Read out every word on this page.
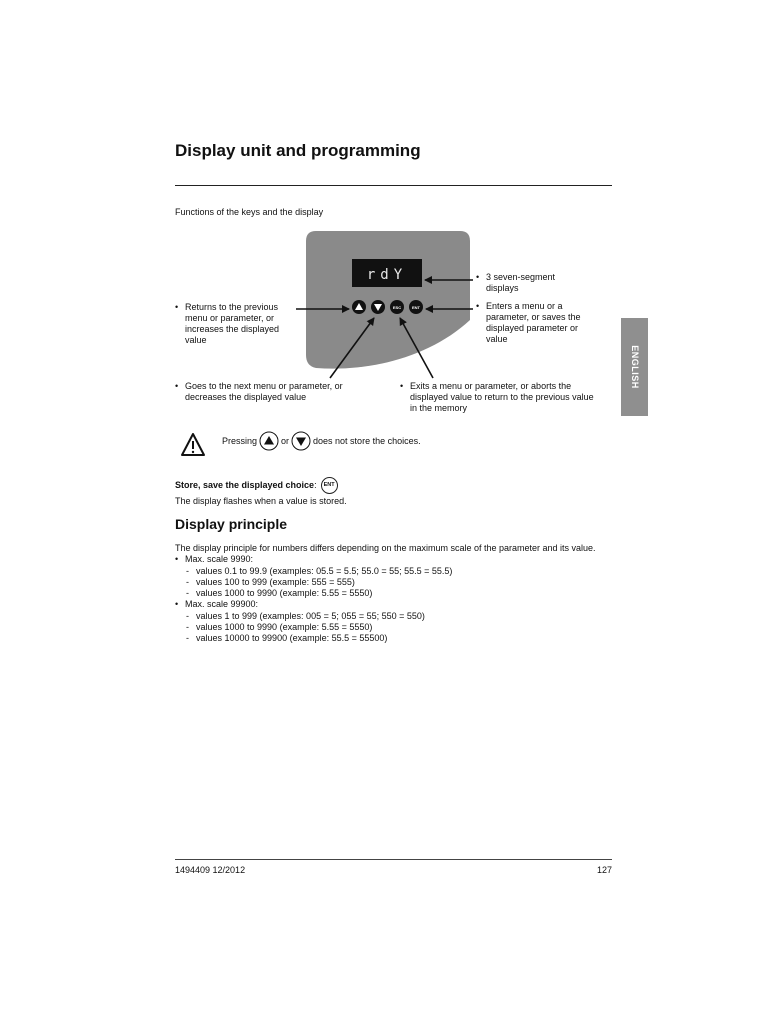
Display unit and programming
Functions of the keys and the display
rdY
ESC	ENT
• 3 seven-segment
displays
• Returns to the previous
menu or parameter, or
increases the displayed
value
• Enters a menu or a
parameter, or saves the
displayed parameter or
value
• Goes to the next menu or parameter, or
decreases the displayed value
• Exits a menu or parameter, or aborts the
displayed value to return to the previous value
in the memory
ENGLISH
Pressing	or	does not store the choices.
Store, save the displayed choice :	ENT
The display flashes when a value is stored.
Display principle
The display principle for numbers differs depending on the maximum scale of the parameter and its value.
• Max. scale 9990:
- values 0.1 to 99.9 (examples: 05.5 = 5.5; 55.0 = 55; 55.5 = 55.5)
- values 100 to 999 (example: 555 = 555)
- values 1000 to 9990 (example: 5.55 = 5550)
• Max. scale 99900:
- values 1 to 999 (examples: 005 = 5; 055 = 55; 550 = 550)
- values 1000 to 9990 (example: 5.55 = 5550)
- values 10000 to 99900 (example: 55.5 = 55500)
1494409 12/2012	127
